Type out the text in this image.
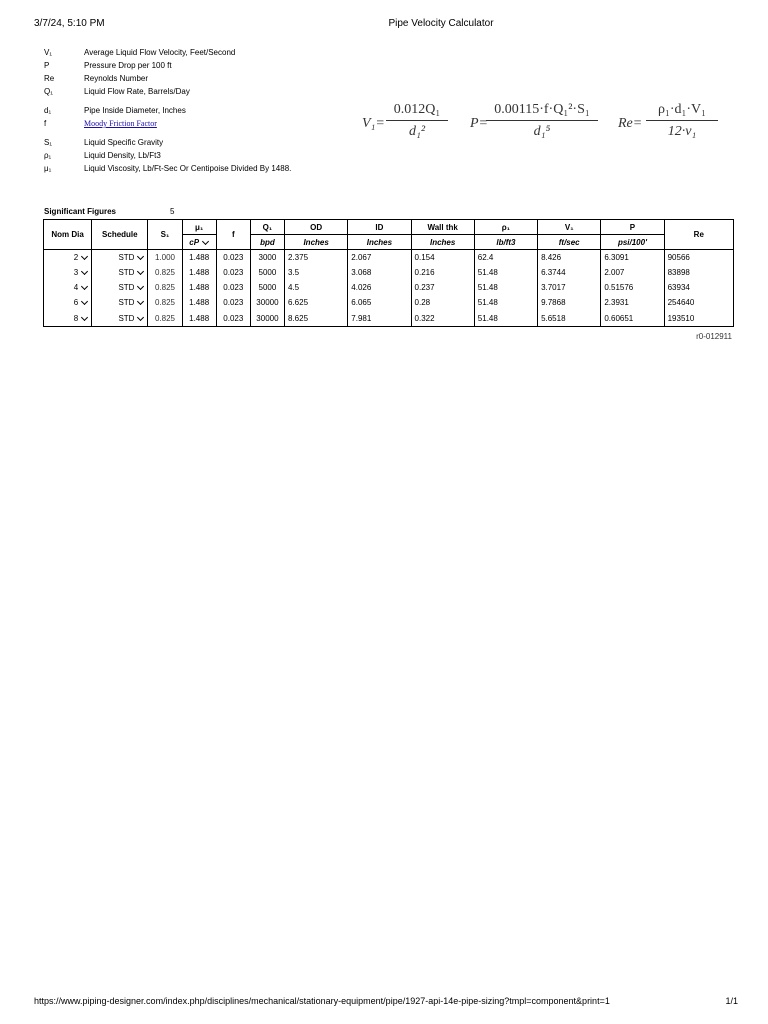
3/7/24, 5:10 PM	Pipe Velocity Calculator
V₁	Average Liquid Flow Velocity, Feet/Second
P	Pressure Drop per 100 ft
Re	Reynolds Number
Q₁	Liquid Flow Rate, Barrels/Day
d₁	Pipe Inside Diameter, Inches
f	Moody Friction Factor
S₁	Liquid Specific Gravity
ρ₁	Liquid Density, Lb/Ft3
μ₁	Liquid Viscosity, Lb/Ft-Sec Or Centipoise Divided By 1488.
$V_1= \frac{\text{0.012Q₁}}{\text{d₁²}} P=$
$\frac{\text{0.00115·f·Q₁²·S₁}}{\text{d₁⁵}} Re= \frac{\text{ρ₁·d₁·V₁}}{\text{12·ν₁}}$
Significant Figures	5
Nom Dia	Schedule	S₁	μ₁	f	Q₁	OD	ID	Wall thk	ρ₁	V₁	P	Re

			cP		bpd	Inches	Inches	Inches	lb/ft3	ft/sec	psi/100'	

2	STD	1.000	1.488	0.023	3000	2.375	2.067	0.154	62.4	8.426	6.3091	90566

3	STD	0.825	1.488	0.023	5000	3.5	3.068	0.216	51.48	6.3744	2.007	83898

4	STD	0.825	1.488	0.023	5000	4.5	4.026	0.237	51.48	3.7017	0.51576	63934

6	STD	0.825	1.488	0.023	30000	6.625	6.065	0.28	51.48	9.7868	2.3931	254640

8	STD	0.825	1.488	0.023	30000	8.625	7.981	0.322	51.48	5.6518	0.60651	193510
r0-012911
https://www.piping-designer.com/index.php/disciplines/mechanical/stationary-equipment/pipe/1927-api-14e-pipe-sizing?tmpl=component&print=1	1/1
